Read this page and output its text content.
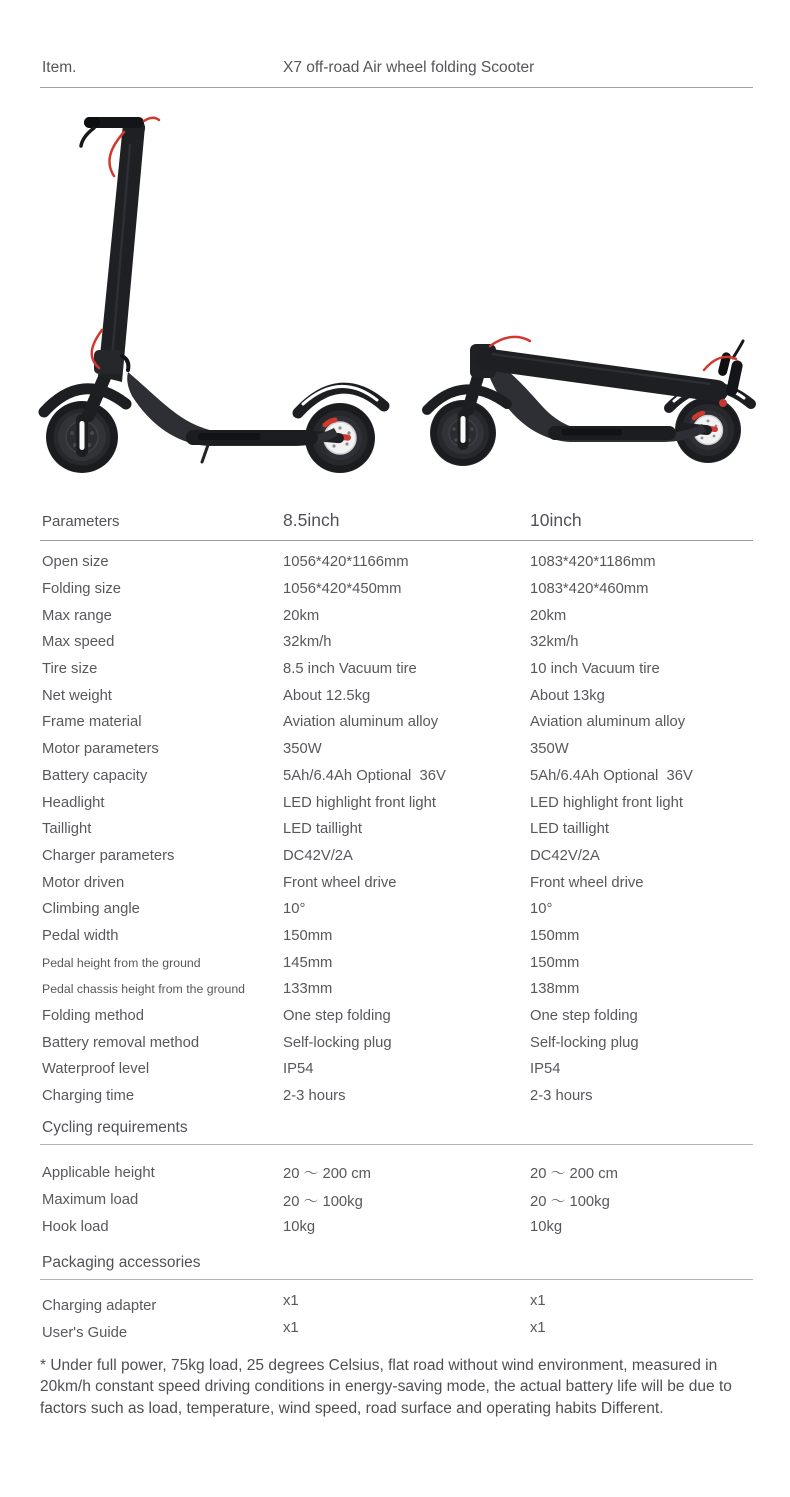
Item.	X7 off-road Air wheel folding Scooter
Parameters	8.5inch	10inch
Open size	1056*420*1166mm	1083*420*1186mm
Folding size	1056*420*450mm	1083*420*460mm
Max range	20km	20km
Max speed	32km/h	32km/h
Tire size	8.5 inch Vacuum tire	10 inch Vacuum tire
Net weight	About 12.5kg	About 13kg
Frame material	Aviation aluminum alloy	Aviation aluminum alloy
Motor parameters	350W	350W
Battery capacity	5Ah/6.4Ah Optional  36V	5Ah/6.4Ah Optional  36V
Headlight	LED highlight front light	LED highlight front light
Taillight	LED taillight	LED taillight
Charger parameters	DC42V/2A	DC42V/2A
Motor driven	Front wheel drive	Front wheel drive
Climbing angle	10°	10°
Pedal width	150mm	150mm
Pedal height from the ground	145mm	150mm
Pedal chassis height from the ground	133mm	138mm
Folding method	One step folding	One step folding
Battery removal method	Self-locking plug	Self-locking plug
Waterproof level	IP54	IP54
Charging time	2-3 hours	2-3 hours
Cycling requirements
Applicable height	20 ～ 200 cm	20 ～ 200 cm
Maximum load	20 ～ 100kg	20 ～ 100kg
Hook load	10kg	10kg
Packaging accessories
Charging adapter	x1	x1
User's Guide	x1	x1

* Under full power, 75kg load, 25 degrees Celsius, flat road without wind environment, measured in 20km/h constant speed driving conditions in energy-saving mode, the actual battery life will be due to factors such as load, temperature, wind speed, road surface and operating habits Different.
